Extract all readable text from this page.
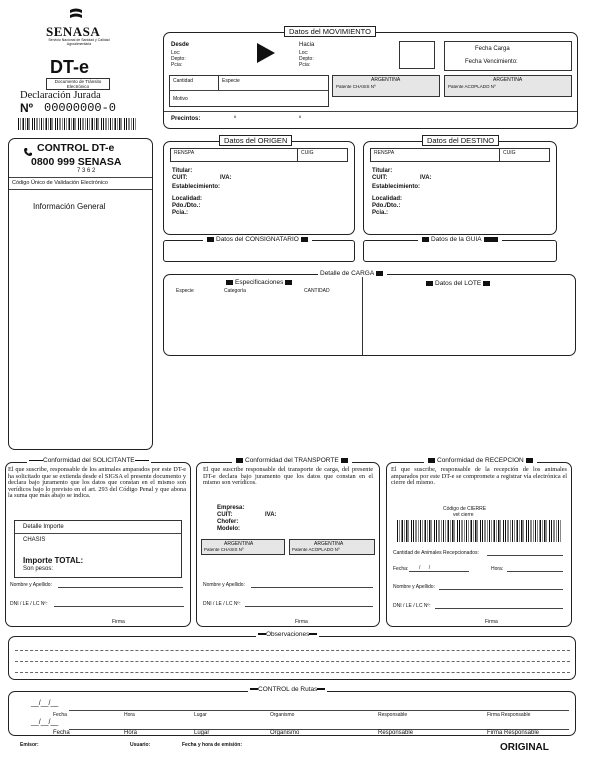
SENASA
Servicio Nacional de Sanidad y Calidad Agroalimentaria
DT-e
Documento de Tránsito Electrónico
Declaración Jurada
Nº 00000000-0
CONTROL DT-e
0800 999 SENASA
7 3 6 2
Código Único de Validación Electrónico
Información General
Desde
Loc:
Depto:
Pcia:
Hacia
Loc:
Depto:
Pcia:
Fecha Carga
Fecha Vencimiento:
Cantidad	Especie
Motivo
ARGENTINA
Patente CHASIS Nº
ARGENTINA
Patente ACOPLADO Nº
Precintos:	º	º
Datos del MOVIMIENTO
RENSPA	CUIG
Titular:
CUIT:	IVA:
Establecimiento:
Localidad:
Pdo./Dto.:
Pcia.:
Datos del ORIGEN
RENSPA	CUIG
Titular:
CUIT:	IVA:
Establecimiento:
Localidad:
Pdo./Dto.:
Pcia.:
Datos del DESTINO
Datos del CONSIGNATARIO	Datos de la GUIA
Especie	Categoría	CANTIDAD
Detalle de CARGA
Especificaciones	Datos del LOTE
El que suscribe, responsable de los animales amparados por este DT-e ha solicitado que se extienda desde el SIGSA el presente documento y declara bajo juramento que los datos que constan en el mismo son verídicos bajo lo previsto en el art. 293 del Código Penal y que abona la suma que más abajo se indica.
Detalle Importe
CHASIS
Importe TOTAL:
Son pesos:
Nombre y Apellido:
DNI / LE / LC Nº:
Firma
Conformidad del SOLICITANTE
El que suscribe responsable del transporte de carga, del presente DT-e declara bajo juramento que los datos que constan en el mismo son verídicos.
Empresa:
CUIT:	IVA:
Chofer:
Modelo:
ARGENTINA
Patente CHASIS Nº
ARGENTINA
Patente ACOPLADO Nº
Nombre y Apellido:
DNI / LE / LC Nº:
Firma
Conformidad del TRANSPORTE
El que suscribe, responsable de la recepción de los animales amparados por este DT-e se compromete a registrar vía electrónica el cierre del mismo.
Código de CIERRE
vet cierre
Cantidad de Animales Recepcionados:
Fecha: /      /	Hora:
Nombre y Apellido:
DNI / LE / LC Nº:
Firma
Conformidad de RECEPCION
Observaciones
__/__/__
__/__/__
CONTROL de Rutas
Fecha	Hora	Lugar	Organismo	Responsable	Firma Responsable
Fecha	Hora	Lugar	Organismo	Responsable	Firma Responsable
Emisor:	Usuario:	Fecha y hora de emisión:	ORIGINAL
